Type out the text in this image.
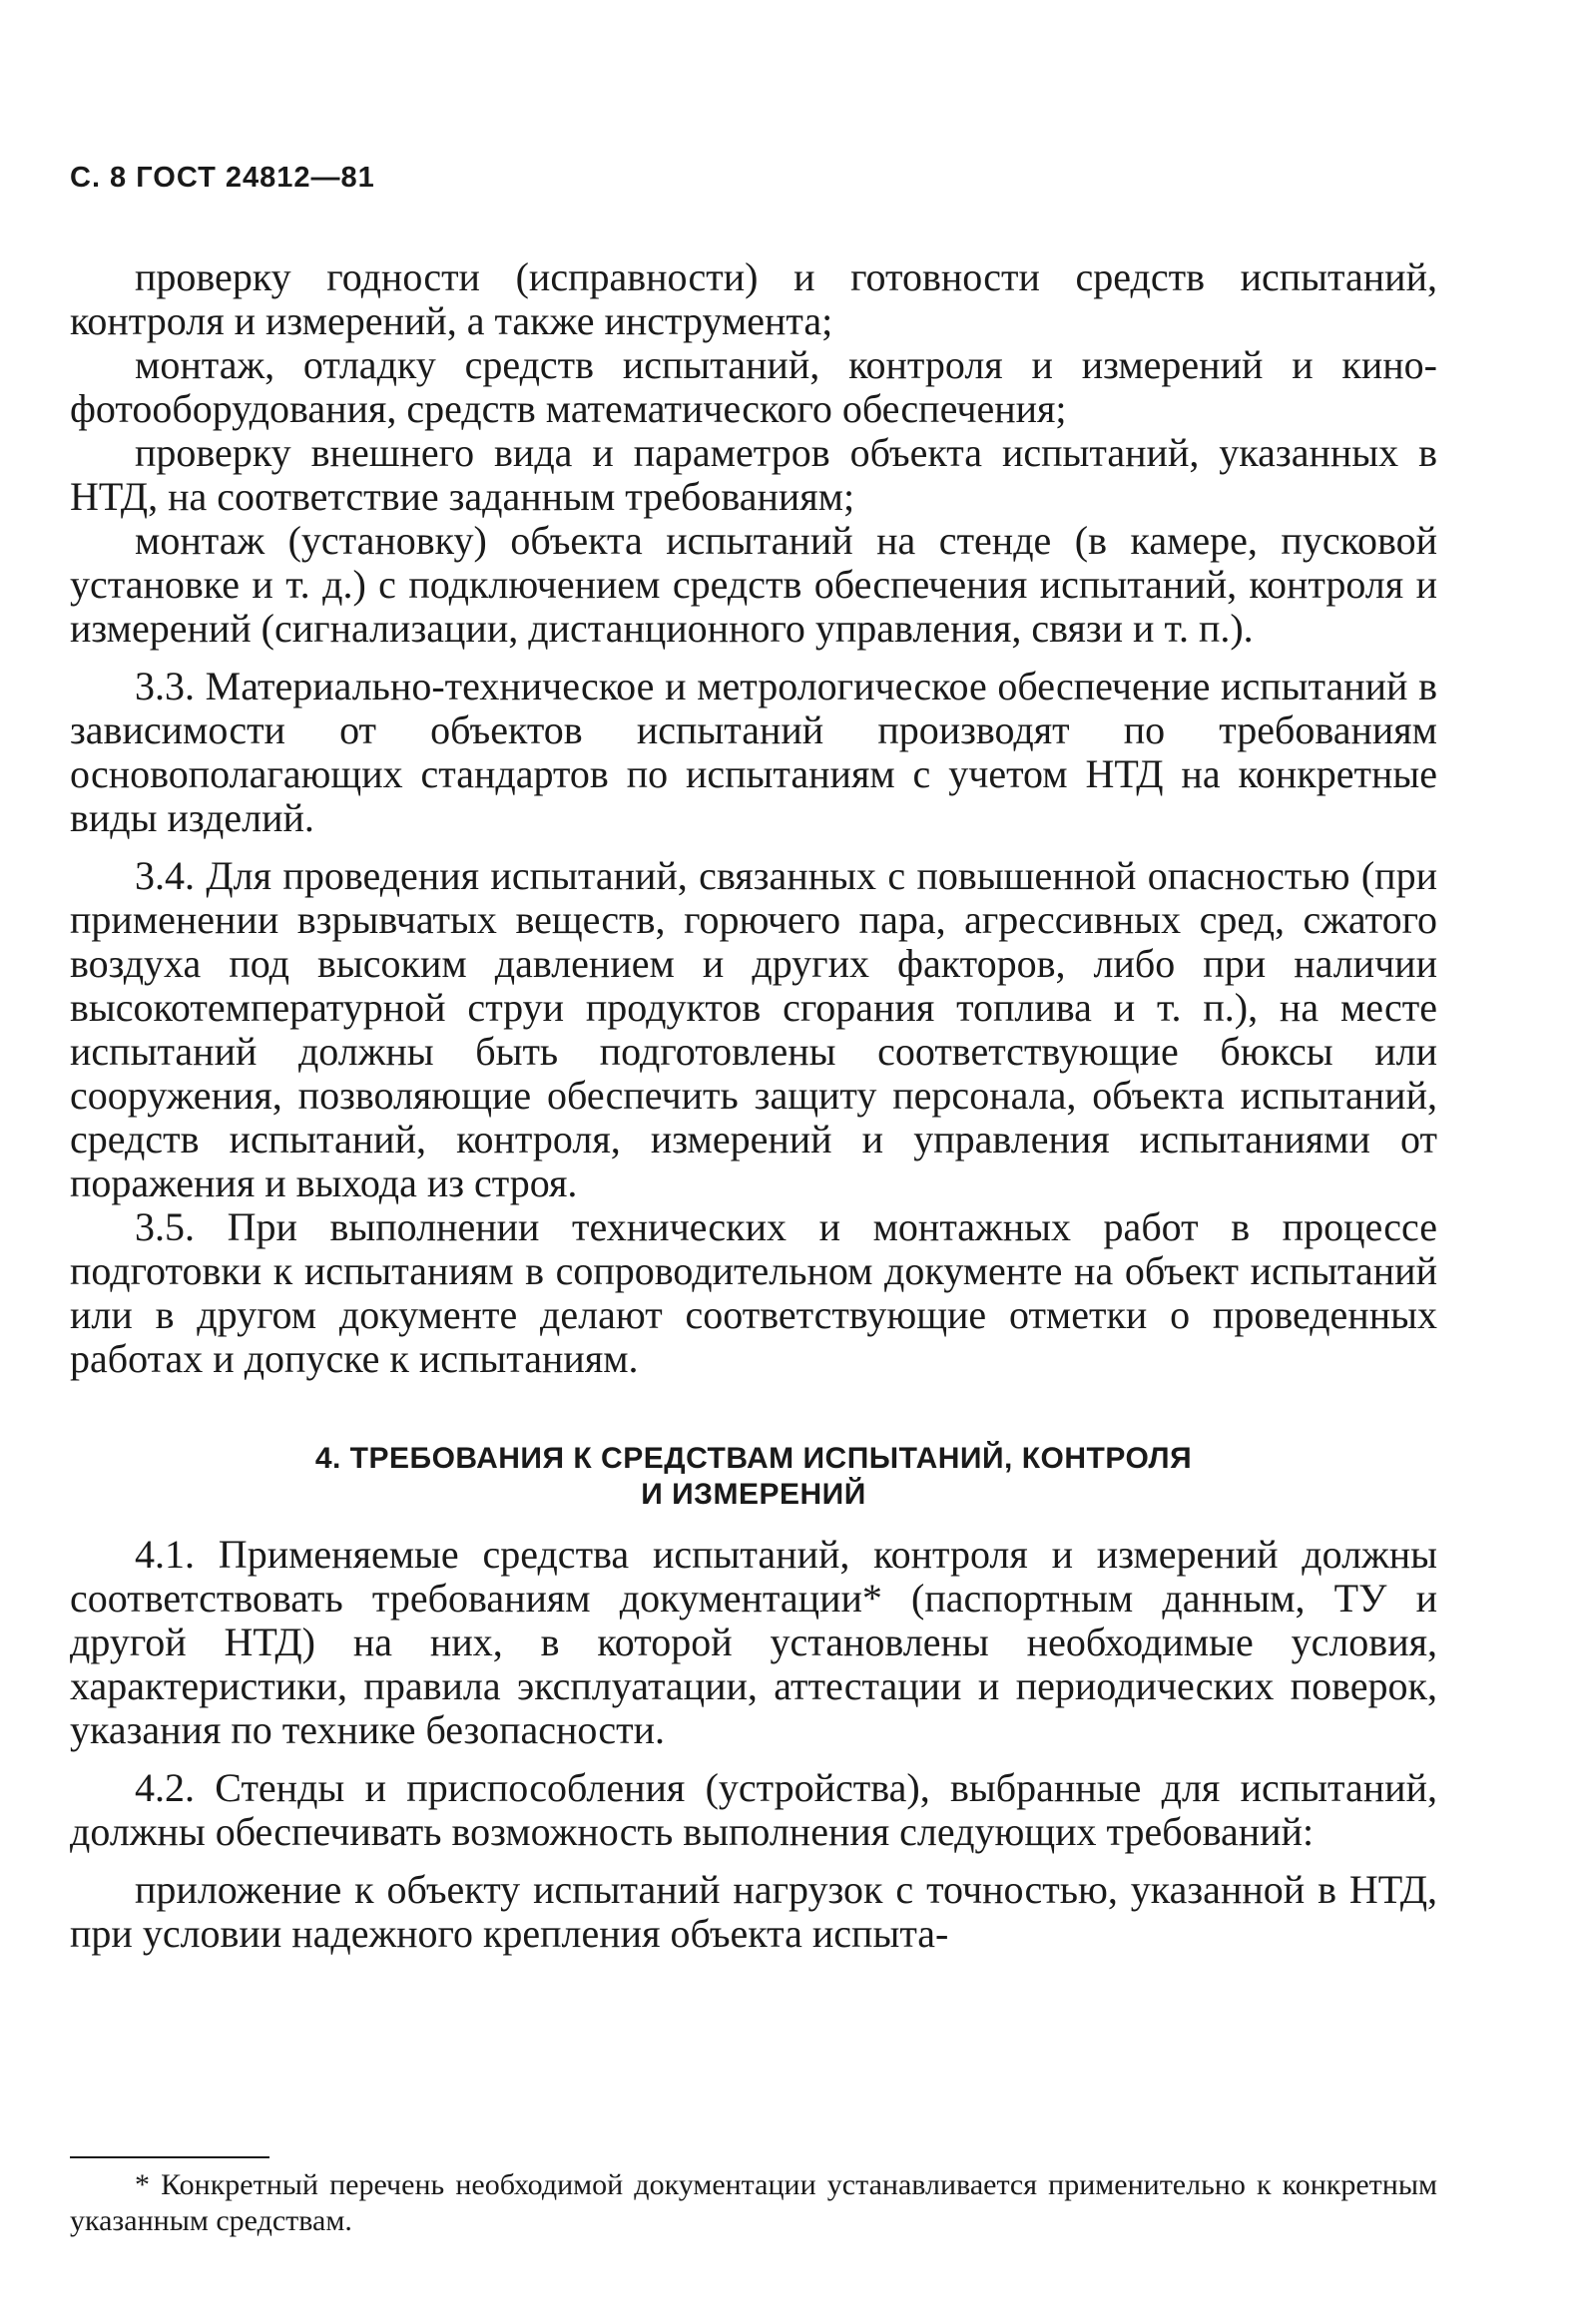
С. 8 ГОСТ 24812—81

проверку годности (исправности) и готовности средств испытаний, контроля и измерений, а также инструмента;

монтаж, отладку средств испытаний, контроля и измерений и кино-фотооборудования, средств математического обеспечения;

проверку внешнего вида и параметров объекта испытаний, указанных в НТД, на соответствие заданным требованиям;

монтаж (установку) объекта испытаний на стенде (в камере, пусковой установке и т. д.) с подключением средств обеспечения испытаний, контроля и измерений (сигнализации, дистанционного управления, связи и т. п.).

3.3. Материально-техническое и метрологическое обеспечение испытаний в зависимости от объектов испытаний производят по требованиям основополагающих стандартов по испытаниям с учетом НТД на конкретные виды изделий.

3.4. Для проведения испытаний, связанных с повышенной опасностью (при применении взрывчатых веществ, горючего пара, агрессивных сред, сжатого воздуха под высоким давлением и других факторов, либо при наличии высокотемпературной струи продуктов сгорания топлива и т. п.), на месте испытаний должны быть подготовлены соответствующие бюксы или сооружения, позволяющие обеспечить защиту персонала, объекта испытаний, средств испытаний, контроля, измерений и управления испытаниями от поражения и выхода из строя.

3.5. При выполнении технических и монтажных работ в процессе подготовки к испытаниям в сопроводительном документе на объект испытаний или в другом документе делают соответствующие отметки о проведенных работах и допуске к испытаниям.

4. ТРЕБОВАНИЯ К СРЕДСТВАМ ИСПЫТАНИЙ, КОНТРОЛЯ
И ИЗМЕРЕНИЙ

4.1. Применяемые средства испытаний, контроля и измерений должны соответствовать требованиям документации* (паспортным данным, ТУ и другой НТД) на них, в которой установлены необходимые условия, характеристики, правила эксплуатации, аттестации и периодических поверок, указания по технике безопасности.

4.2. Стенды и приспособления (устройства), выбранные для испытаний, должны обеспечивать возможность выполнения следующих требований:

приложение к объекту испытаний нагрузок с точностью, указанной в НТД, при условии надежного крепления объекта испыта-

* Конкретный перечень необходимой документации устанавливается применительно к конкретным указанным средствам.
